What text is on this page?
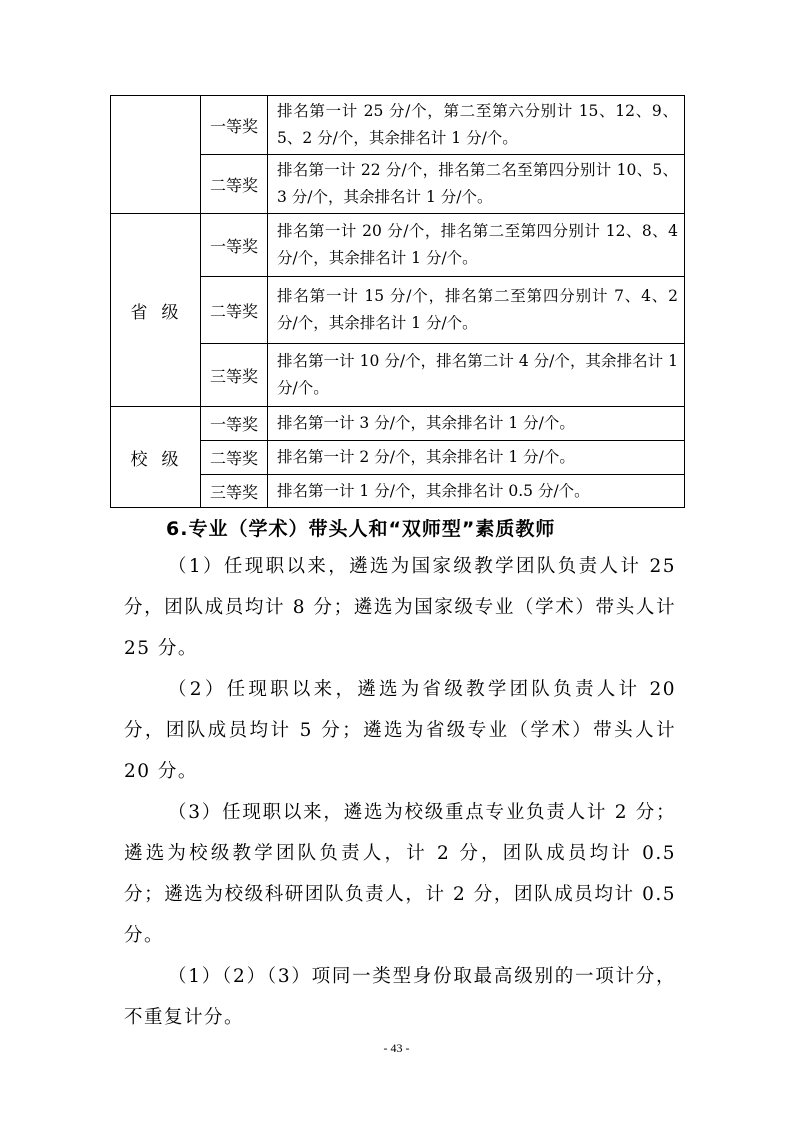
	一等奖	排名第一计 25 分/个，第二至第六分别计 15、12、9、5、2 分/个，其余排名计 1 分/个。
	二等奖	排名第一计 22 分/个，排名第二名至第四分别计 10、5、3 分/个，其余排名计 1 分/个。
省级	一等奖	排名第一计 20 分/个，排名第二至第四分别计 12、8、4 分/个，其余排名计 1 分/个。
	二等奖	排名第一计 15 分/个，排名第二至第四分别计 7、4、2 分/个，其余排名计 1 分/个。
	三等奖	排名第一计 10 分/个，排名第二计 4 分/个，其余排名计 1 分/个。
校级	一等奖	排名第一计 3 分/个，其余排名计 1 分/个。
	二等奖	排名第一计 2 分/个，其余排名计 1 分/个。
	三等奖	排名第一计 1 分/个，其余排名计 0.5 分/个。
6.专业（学术）带头人和“双师型”素质教师

（1）任现职以来，遴选为国家级教学团队负责人计 25 分，团队成员均计 8 分；遴选为国家级专业（学术）带头人计 25 分。

（2）任现职以来，遴选为省级教学团队负责人计 20 分，团队成员均计 5 分；遴选为省级专业（学术）带头人计 20 分。

（3）任现职以来，遴选为校级重点专业负责人计 2 分；遴选为校级教学团队负责人，计 2 分，团队成员均计 0.5 分；遴选为校级科研团队负责人，计 2 分，团队成员均计 0.5 分。

（1）（2）（3）项同一类型身份取最高级别的一项计分，不重复计分。

- 43 -
